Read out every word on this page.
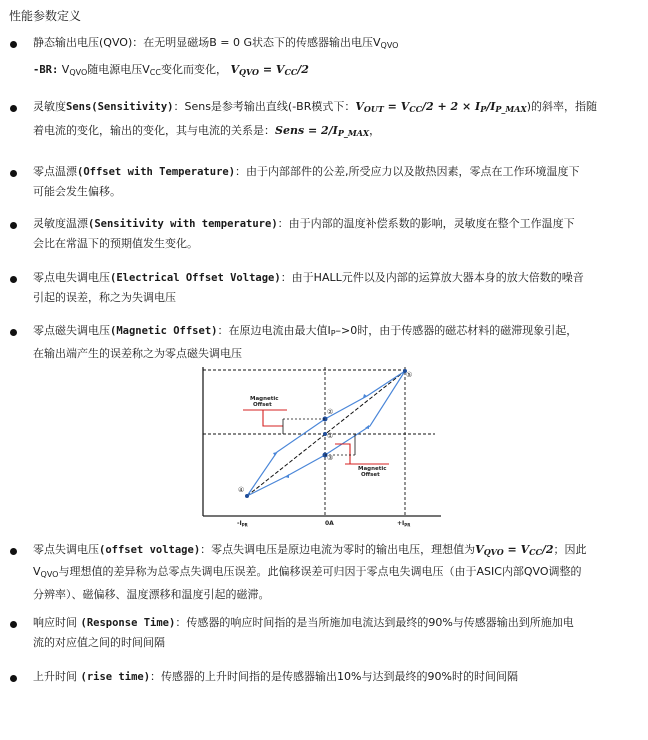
性能参数定义
静态输出电压(QVO)：在无明显磁场B = 0 G状态下的传感器输出电压$V_{QVO}$
-BR: $V_{QVO}$随电源电压$V_{CC}$变化而变化， $V_{QVO} = V_{CC}/2$
灵敏度Sens(Sensitivity)：Sens是参考输出直线(-BR模式下：$V_{OUT} = V_{CC}/2 + 2 \times I_P/I_{P\_MAX}$)的斜率，指随
着电流的变化，输出的变化，其与电流的关系是：Sens = $2/I_{P\_MAX}$，
零点温漂(Offset with Temperature)：由于内部部件的公差,所受应力以及散热因素，零点在工作环境温度下
可能会发生偏移。
灵敏度温漂(Sensitivity with temperature)：由于内部的温度补偿系数的影响，灵敏度在整个工作温度下
会比在常温下的预期值发生变化。
零点电失调电压(Electrical Offset Voltage)：由于HALL元件以及内部的运算放大器本身的放大倍数的噪音
引起的误差，称之为失调电压
零点磁失调电压(Magnetic Offset)：在原边电流由最大值$I_P->0$时，由于传感器的磁芯材料的磁滞现象引起，
在输出端产生的误差称之为零点磁失调电压
⑤
②
①
③
④
Magnetic
Offset
Magnetic
Offset
$-I_{PR}$	0A	$+I_{PR}$
零点失调电压(offset voltage)：零点失调电压是原边电流为零时的输出电压，理想值为$V_{QVO} = V_{CC}/2$；因此
$V_{QVO}$与理想值的差异称为总零点失调电压误差。此偏移误差可归因于零点电失调电压（由于ASIC内部QVO调整的
分辨率）、磁偏移、温度漂移和温度引起的磁滞。
响应时间 (Response Time)：传感器的响应时间指的是当所施加电流达到最终的90%与传感器输出到所施加电
流的对应值之间的时间间隔
上升时间 (rise time)：传感器的上升时间指的是传感器输出10%与达到最终的90%时的时间间隔
